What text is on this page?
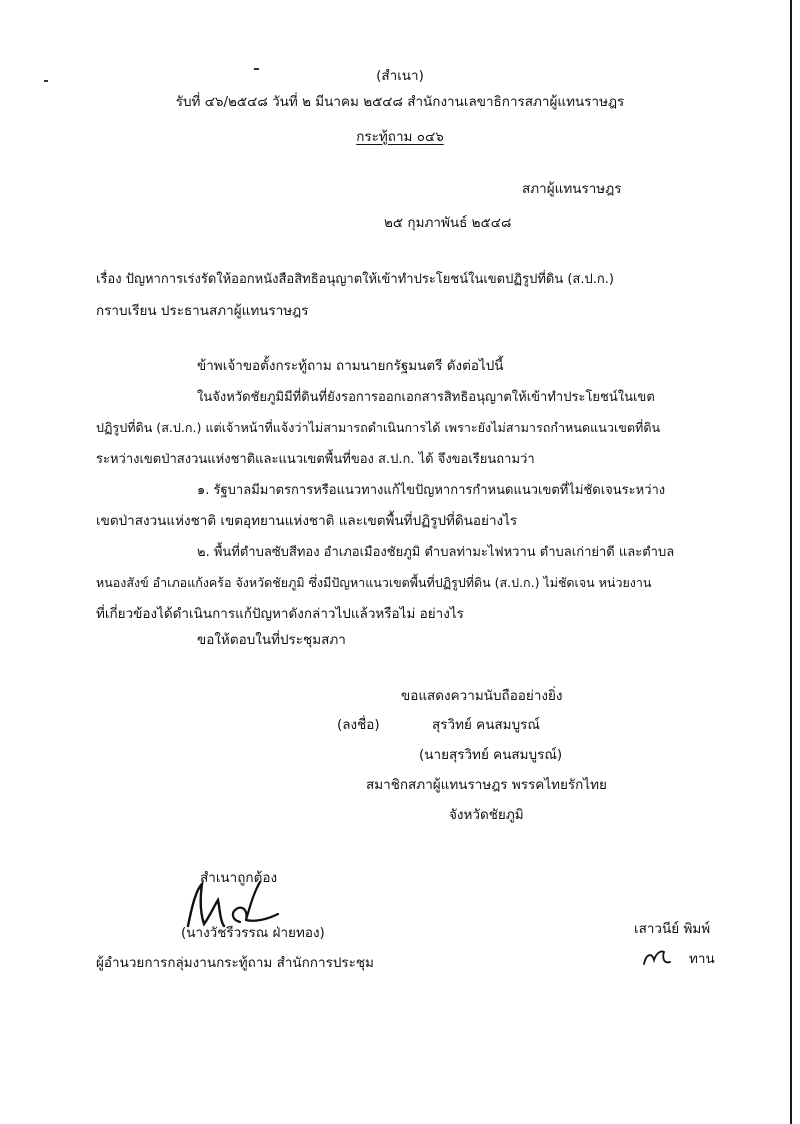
(สำเนา)
รับที่ ๔๖/๒๕๔๘ วันที่ ๒ มีนาคม ๒๕๔๘ สำนักงานเลขาธิการสภาผู้แทนราษฎร
กระทู้ถาม ๐๔๖
สภาผู้แทนราษฎร
๒๕ กุมภาพันธ์ ๒๕๔๘
เรื่อง ปัญหาการเร่งรัดให้ออกหนังสือสิทธิอนุญาตให้เข้าทำประโยชน์ในเขตปฏิรูปที่ดิน (ส.ป.ก.)
กราบเรียน ประธานสภาผู้แทนราษฎร
ข้าพเจ้าขอตั้งกระทู้ถาม ถามนายกรัฐมนตรี ดังต่อไปนี้
ในจังหวัดชัยภูมิมีที่ดินที่ยังรอการออกเอกสารสิทธิอนุญาตให้เข้าทำประโยชน์ในเขต
ปฏิรูปที่ดิน (ส.ป.ก.) แต่เจ้าหน้าที่แจ้งว่าไม่สามารถดำเนินการได้ เพราะยังไม่สามารถกำหนดแนวเขตที่ดิน
ระหว่างเขตป่าสงวนแห่งชาติและแนวเขตพื้นที่ของ ส.ป.ก. ได้ จึงขอเรียนถามว่า
๑. รัฐบาลมีมาตรการหรือแนวทางแก้ไขปัญหาการกำหนดแนวเขตที่ไม่ชัดเจนระหว่าง
เขตป่าสงวนแห่งชาติ เขตอุทยานแห่งชาติ และเขตพื้นที่ปฏิรูปที่ดินอย่างไร
๒. พื้นที่ตำบลซับสีทอง อำเภอเมืองชัยภูมิ ตำบลท่ามะไฟหวาน ตำบลเก่าย่าดี และตำบล
หนองสังข์ อำเภอแก้งคร้อ จังหวัดชัยภูมิ ซึ่งมีปัญหาแนวเขตพื้นที่ปฏิรูปที่ดิน (ส.ป.ก.) ไม่ชัดเจน หน่วยงาน
ที่เกี่ยวข้องได้ดำเนินการแก้ปัญหาดังกล่าวไปแล้วหรือไม่ อย่างไร
ขอให้ตอบในที่ประชุมสภา
ขอแสดงความนับถืออย่างยิ่ง
(ลงชื่อ)	สุรวิทย์ คนสมบูรณ์
(นายสุรวิทย์ คนสมบูรณ์)
สมาชิกสภาผู้แทนราษฎร พรรคไทยรักไทย
จังหวัดชัยภูมิ
สำเนาถูกต้อง
(นางวัชรีวรรณ ฝ่ายทอง)
ผู้อำนวยการกลุ่มงานกระทู้ถาม สำนักการประชุม
เสาวนีย์ พิมพ์
ทาน
